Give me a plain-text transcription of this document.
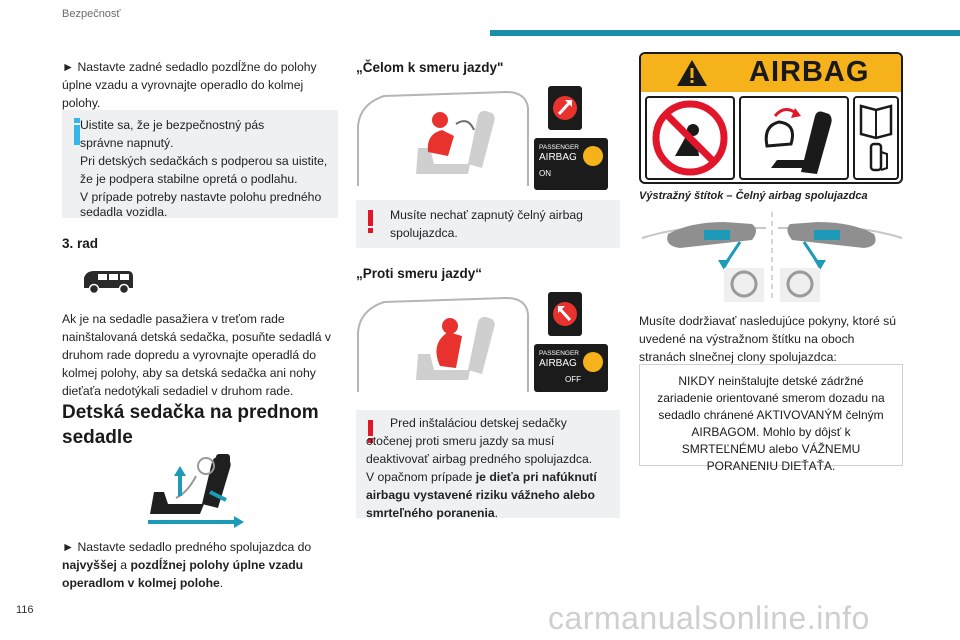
Bezpečnosť
► Nastavte zadné sedadlo pozdĺžne do polohy úplne vzadu a vyrovnajte operadlo do kolmej polohy.
Uistite sa, že je bezpečnostný pás
správne napnutý.
Pri detských sedačkách s podperou sa uistite,
že je podpera stabilne opretá o podlahu.
V prípade potreby nastavte polohu predného
sedadla vozidla.
3. rad
Ak je na sedadle pasažiera v treťom rade nainštalovaná detská sedačka, posuňte sedadlá v druhom rade dopredu a vyrovnajte operadlá do kolmej polohy, aby sa detská sedačka ani nohy dieťaťa nedotýkali sedadiel v druhom rade.
Detská sedačka na prednom
sedadle
► Nastavte sedadlo predného spolujazdca do najvyššej a pozdĺžnej polohy úplne vzadu operadlom v kolmej polohe.
„Čelom k smeru jazdy"
PASSENGER
AIRBAG
ON
Musíte nechať zapnutý čelný airbag spolujazdca.
„Proti smeru jazdy“
PASSENGER
AIRBAG
OFF
Pred inštaláciou detskej sedačky otočenej proti smeru jazdy sa musí deaktivovať airbag predného spolujazdca.
V opačnom prípade je dieťa pri nafúknutí airbagu vystavené riziku vážneho alebo smrteľného poranenia.
AIRBAG
Výstražný štítok – Čelný airbag spolujazdca
Musíte dodržiavať nasledujúce pokyny, ktoré sú uvedené na výstražnom štítku na oboch stranách slnečnej clony spolujazdca:
NIKDY neinštalujte detské zádržné zariadenie orientované smerom dozadu na sedadlo chránené AKTIVOVANÝM čelným AIRBAGOM. Mohlo by dôjsť k SMRTEĽNÉMU alebo VÁŽNEMU PORANENIU DIEŤAŤA.
116	carmanualsonline.info
